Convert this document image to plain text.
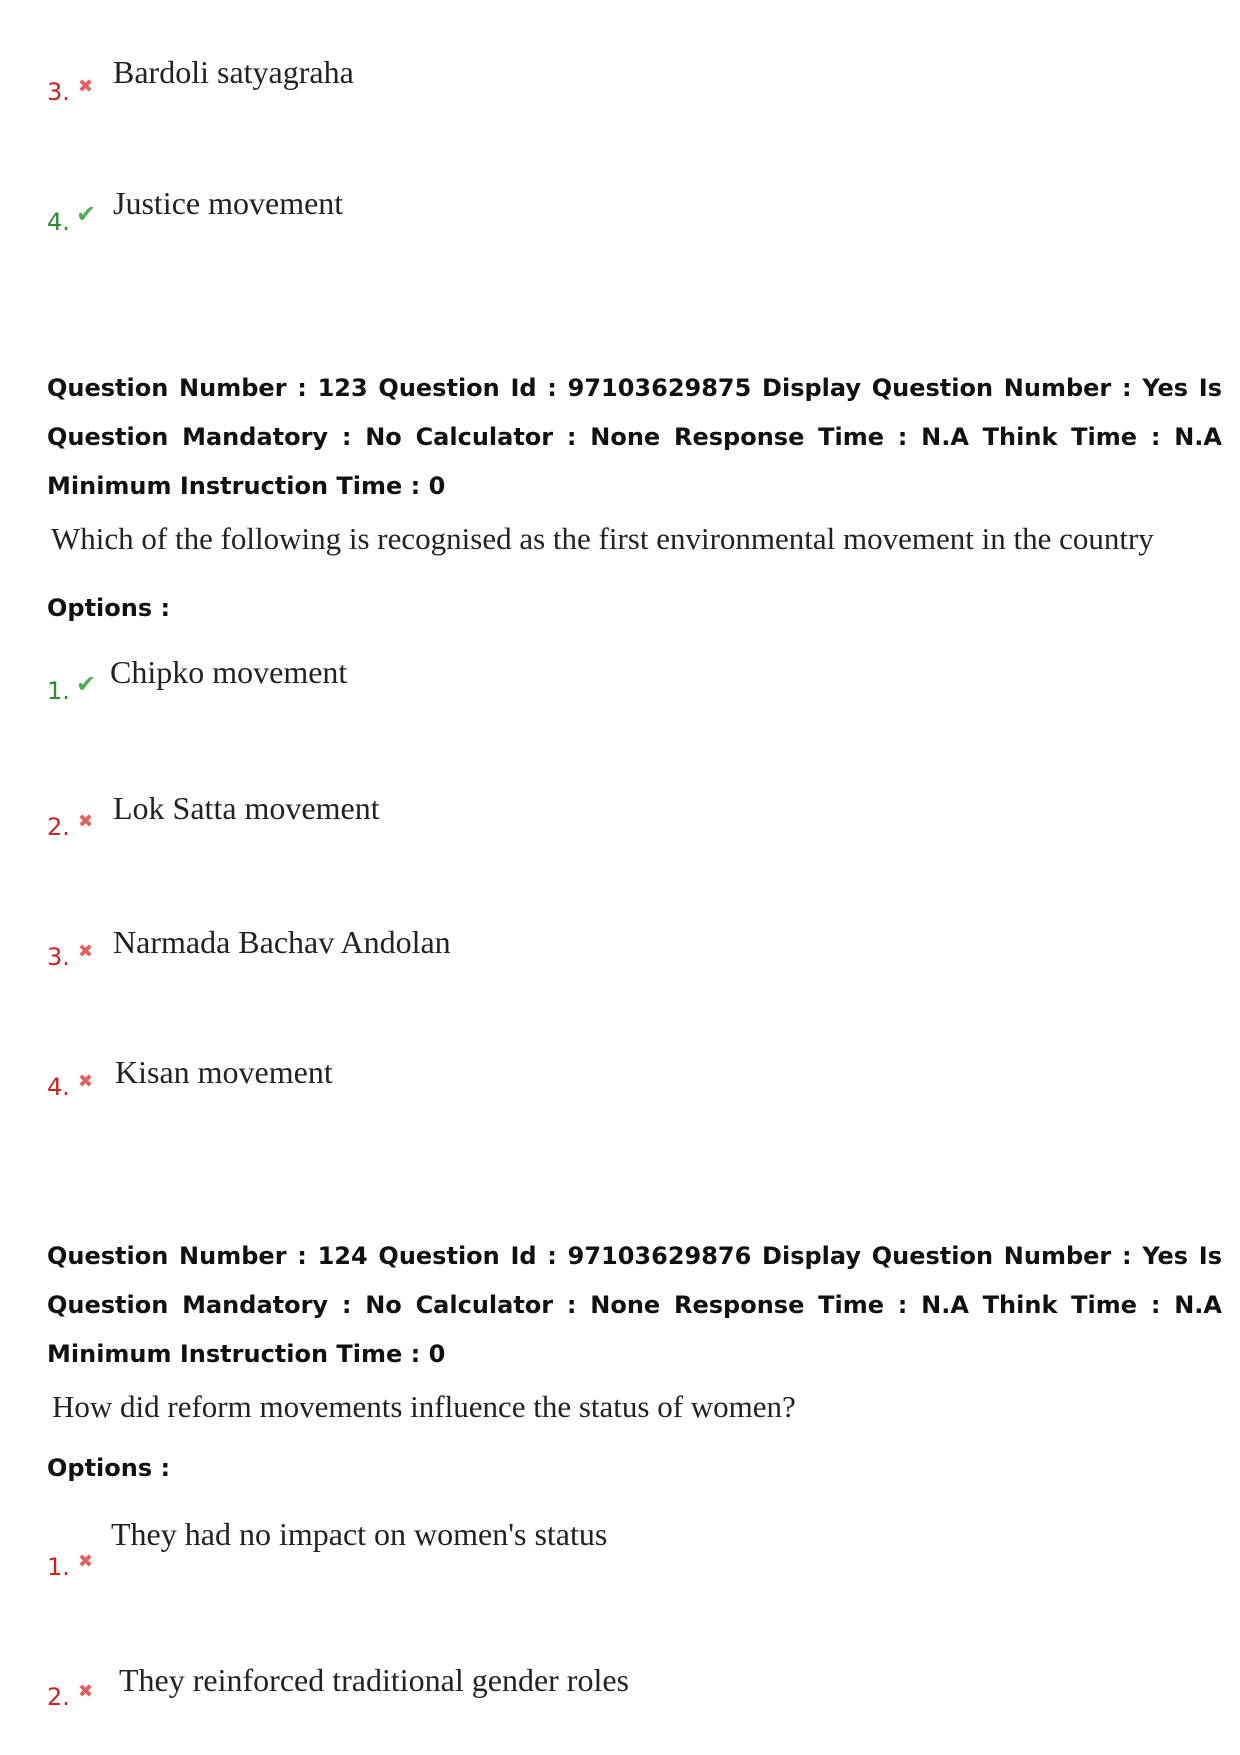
3. ✖ Bardoli satyagraha
4. ✔ Justice movement
Question Number : 123 Question Id : 97103629875 Display Question Number : Yes Is Question Mandatory : No Calculator : None Response Time : N.A Think Time : N.A Minimum Instruction Time : 0
Which of the following is recognised as the first environmental movement in the country
Options :
1. ✔ Chipko movement
2. ✖ Lok Satta movement
3. ✖ Narmada Bachav Andolan
4. ✖ Kisan movement
Question Number : 124 Question Id : 97103629876 Display Question Number : Yes Is Question Mandatory : No Calculator : None Response Time : N.A Think Time : N.A Minimum Instruction Time : 0
How did reform movements influence the status of women?
Options :
1. ✖
They had no impact on women's status
2. ✖ They reinforced traditional gender roles
